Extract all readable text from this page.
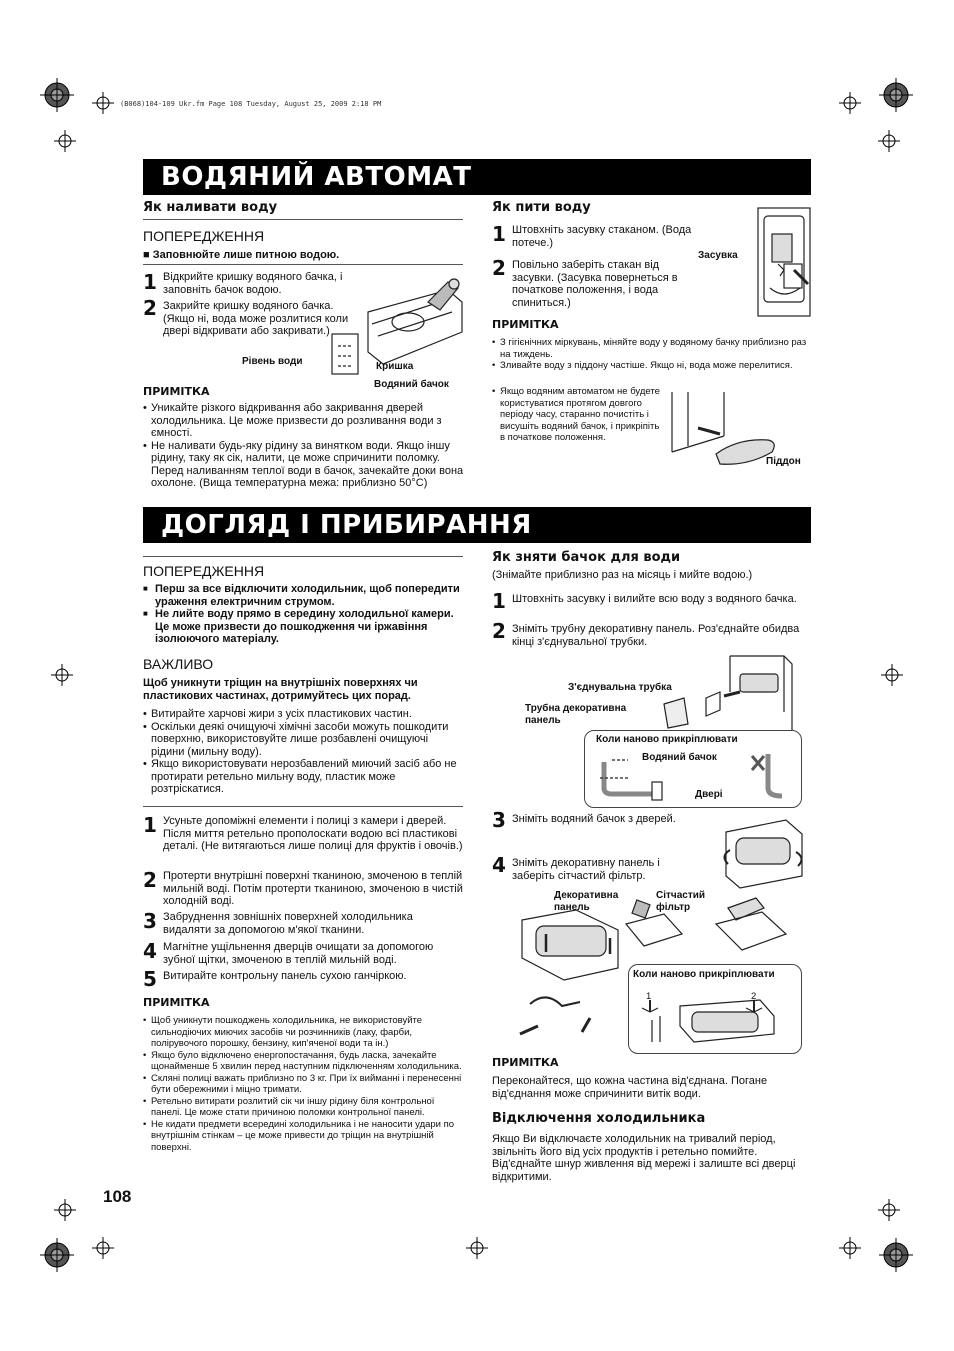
(B068)104-109 Ukr.fm Page 108 Tuesday, August 25, 2009 2:18 PM
ВОДЯНИЙ АВТОМАТ
Як наливати воду
ПОПЕРЕДЖЕННЯ
■ Заповнюйте лише питною водою.
1 Відкрийте кришку водяного бачка, і заповніть бачок водою.
2 Закрийте кришку водяного бачка. (Якщо ні, вода може розлитися коли двері відкривати або закривати.)
Рівень води	Кришка
Водяний бачок
ПРИМІТКА
• Уникайте різкого відкривання або закривання дверей холодильника. Це може призвести до розливання води з ємності.
• Не наливати будь-яку рідину за винятком води. Якщо іншу рідину, таку як сік, налити, це може спричинити поломку. Перед наливанням теплої води в бачок, зачекайте доки вона охолоне. (Вища температурна межа: приблизно 50°C)
Як пити воду
1 Штовхніть засувку стаканом. (Вода потече.)
2 Повільно заберіть стакан від засувки. (Засувка повернеться в початкове положення, і вода спиниться.)
Засувка
ПРИМІТКА
• З гігієнічних міркувань, міняйте воду у водяному бачку приблизно раз на тиждень.
• Зливайте воду з піддону частіше. Якщо ні, вода може перелитися.
• Якщо водяним автоматом не будете користуватися протягом довгого періоду часу, старанно почистіть і висушіть водяний бачок, і прикріпіть в початкове положення.
Піддон
ДОГЛЯД І ПРИБИРАННЯ
ПОПЕРЕДЖЕННЯ
■ Перш за все відключити холодильник, щоб попередити ураження електричним струмом.
■ Не лийте воду прямо в середину холодильної камери. Це може призвести до пошкодження чи іржавіння ізолюючого матеріалу.
ВАЖЛИВО
Щоб уникнути тріщин на внутрішніх поверхнях чи пластикових частинах, дотримуйтесь цих порад.
• Витирайте харчові жири з усіх пластикових частин.
• Оскільки деякі очищуючі хімічні засоби можуть пошкодити поверхню, використовуйте лише розбавлені очищуючі рідини (мильну воду).
• Якщо використовувати нерозбавлений миючий засіб або не протирати ретельно мильну воду, пластик може розтріскатися.
1 Усуньте допоміжні елементи і полиці з камери і дверей. Після миття ретельно прополоскати водою всі пластикові деталі. (Не витягаються лише полиці для фруктів і овочів.)
2 Протерти внутрішні поверхні тканиною, змоченою в теплій мильній воді. Потім протерти тканиною, змоченою в чистій холодній воді.
3 Забруднення зовнішніх поверхней холодильника видаляти за допомогою м'якої тканини.
4 Магнітне ущільнення дверців очищати за допомогою зубної щітки, змоченою в теплій мильній воді.
5 Витирайте контрольну панель сухою ганчіркою.
ПРИМІТКА
• Щоб уникнути пошкоджень холодильника, не використовуйте сильнодіючих миючих засобів чи розчинників (лаку, фарби, полірувочого порошку, бензину, кип'яченої води та ін.)
• Якщо було відключено енергопостачання, будь ласка, зачекайте щонайменше 5 хвилин перед наступним підключенням холодильника.
• Скляні полиці важать приблизно по 3 кг. При їх вийманні і перенесенні бути обережними і міцно тримати.
• Ретельно витирати розлитий сік чи іншу рідину біля контрольної панелі. Це може стати причиною поломки контрольної панелі.
• Не кидати предмети всередині холодильника і не наносити удари по внутрішнім стінкам – це може привести до тріщин на внутрішній поверхні.
108
Як зняти бачок для води
(Знімайте приблизно раз на місяць і мийте водою.)
1 Штовхніть засувку і вилийте всю воду з водяного бачка.
2 Зніміть трубну декоративну панель. Роз'єднайте обидва кінці з'єднувальної трубки.
З'єднувальна трубка
Трубна декоративна панель
Коли наново прикріплювати
Водяний бачок
Двері
3 Зніміть водяний бачок з дверей.
4 Зніміть декоративну панель і заберіть сітчастий фільтр.
Декоративна панель
Сітчастий фільтр
Коли наново прикріплювати
1	2
ПРИМІТКА
Переконайтеся, що кожна частина від'єднана. Погане від'єднання може спричинити витік води.
Відключення холодильника
Якщо Ви відключаєте холодильник на тривалий період, звільніть його від усіх продуктів і ретельно помийте. Від'єднайте шнур живлення від мережі і залиште всі дверці відкритими.
